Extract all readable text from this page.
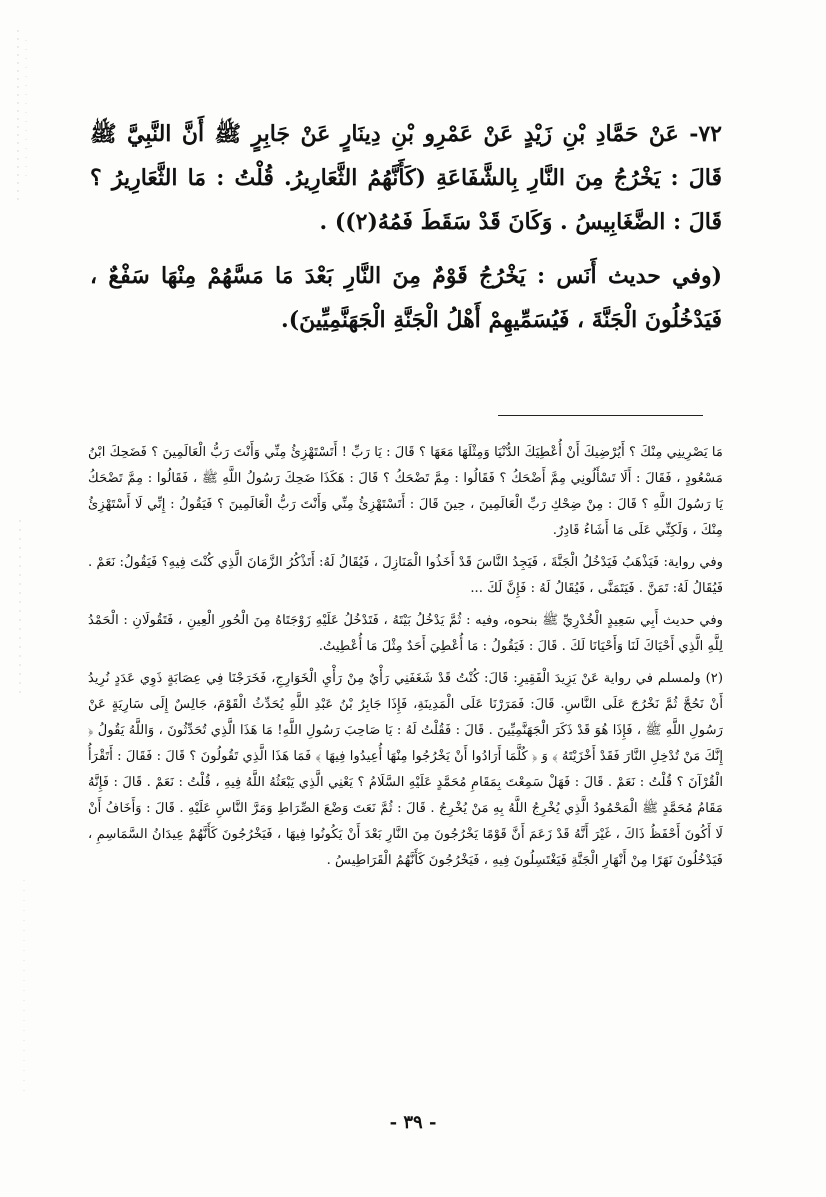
٧٢- عَنْ حَمَّادِ بْنِ زَيْدٍ عَنْ عَمْرِو بْنِ دِينَارٍ عَنْ جَابِرٍ ﷺ أَنَّ النَّبِيَّ ﷺ قَالَ : يَخْرُجُ مِنَ النَّارِ بِالشَّفَاعَةِ (كَأَنَّهُمُ الثَّعَارِيرُ. قُلْتُ : مَا الثَّعَارِيرُ ؟ قَالَ : الضَّغَابِيسُ . وَكَانَ قَدْ سَقَطَ فَمُهُ(٢)) .

(وفي حديث أَنَس : يَخْرُجُ قَوْمٌ مِنَ النَّارِ بَعْدَ مَا مَسَّهُمْ مِنْهَا سَفْعٌ ، فَيَدْخُلُونَ الْجَنَّةَ ، فَيُسَمِّيهِمْ أَهْلُ الْجَنَّةِ الْجَهَنَّمِيِّينَ).

مَا يَصْرِينِي مِنْكَ ؟ أَيُرْضِيكَ أَنْ أُعْطِيَكَ الدُّنْيَا وَمِثْلَهَا مَعَهَا ؟ قَالَ : يَا رَبِّ ! أَتَسْتَهْزِئُ مِنِّي وَأَنْتَ رَبُّ الْعَالَمِينَ ؟ فَضَحِكَ ابْنُ مَسْعُودٍ ، فَقَالَ : أَلَا تَسْأَلُونِي مِمَّ أَضْحَكُ ؟ فَقَالُوا : مِمَّ تَضْحَكُ ؟ قَالَ : هَكَذَا ضَحِكَ رَسُولُ اللَّهِ ﷺ ، فَقَالُوا : مِمَّ تَضْحَكُ يَا رَسُولَ اللَّهِ ؟ قَالَ : مِنْ ضِحْكِ رَبِّ الْعَالَمِينَ ، حِينَ قَالَ : أَتَسْتَهْزِئُ مِنِّي وَأَنْتَ رَبُّ الْعَالَمِينَ ؟ فَيَقُولُ : إِنِّي لَا أَسْتَهْزِئُ مِنْكَ ، وَلَكِنِّي عَلَى مَا أَشَاءُ قَادِرٌ.

وفي رواية: فَيَذْهَبُ فَيَدْخُلُ الْجَنَّةَ ، فَيَجِدُ النَّاسَ قَدْ أَخَذُوا الْمَنَازِلَ ، فَيُقَالُ لَهُ: أَتَذْكُرُ الزَّمَانَ الَّذِي كُنْتَ فِيهِ؟ فَيَقُولُ: نَعَمْ . فَيُقَالُ لَهُ: تَمَنَّ . فَيَتَمَنَّى ، فَيُقَالُ لَهُ : فَإِنَّ لَكَ ...

وفي حديث أَبِي سَعِيدٍ الْخُدْرِيِّ ﷺ بنحوه، وفيه : ثُمَّ يَدْخُلُ بَيْتَهُ ، فَتَدْخُلُ عَلَيْهِ زَوْجَتَاهُ مِنَ الْحُورِ الْعِينِ ، فَتَقُولَانِ : الْحَمْدُ لِلَّهِ الَّذِي أَحْيَاكَ لَنَا وَأَحْيَانَا لَكَ . قَالَ : فَيَقُولُ : مَا أُعْطِيَ أَحَدٌ مِثْلَ مَا أُعْطِيتُ.

(٢) ولمسلم في رواية عَنْ يَزِيدَ الْفَقِيرِ: قَالَ: كُنْتُ قَدْ شَغَفَنِي رَأْيٌ مِنْ رَأْيِ الْخَوَارِجِ، فَخَرَجْنَا فِي عِصَابَةٍ ذَوِي عَدَدٍ نُرِيدُ أَنْ نَحُجَّ ثُمَّ نَخْرُجَ عَلَى النَّاسِ. قَالَ: فَمَرَرْنَا عَلَى الْمَدِينَةِ، فَإِذَا جَابِرُ بْنُ عَبْدِ اللَّهِ يُحَدِّثُ الْقَوْمَ، جَالِسٌ إِلَى سَارِيَةٍ عَنْ رَسُولِ اللَّهِ ﷺ ، فَإِذَا هُوَ قَدْ ذَكَرَ الْجَهَنَّمِيِّينَ . قَالَ : فَقُلْتُ لَهُ : يَا صَاحِبَ رَسُولِ اللَّهِ! مَا هَذَا الَّذِي تُحَدِّثُونَ ، وَاللَّهُ يَقُولُ ﴿ إِنَّكَ مَنْ تُدْخِلِ النَّارَ فَقَدْ أَخْزَيْتَهُ ﴾ وَ ﴿ كُلَّمَا أَرَادُوا أَنْ يَخْرُجُوا مِنْهَا أُعِيدُوا فِيهَا ﴾ فَمَا هَذَا الَّذِي تَقُولُونَ ؟ قَالَ : فَقَالَ : أَتَقْرَأُ الْقُرْآنَ ؟ قُلْتُ : نَعَمْ . قَالَ : فَهَلْ سَمِعْتَ بِمَقَامِ مُحَمَّدٍ عَلَيْهِ السَّلَامُ ؟ يَعْنِي الَّذِي يَبْعَثُهُ اللَّهُ فِيهِ ، قُلْتُ : نَعَمْ . قَالَ : فَإِنَّهُ مَقَامُ مُحَمَّدٍ ﷺ الْمَحْمُودُ الَّذِي يُخْرِجُ اللَّهُ بِهِ مَنْ يُخْرِجُ . قَالَ : ثُمَّ نَعَتَ وَضْعَ الصِّرَاطِ وَمَرَّ النَّاسِ عَلَيْهِ . قَالَ : وَأَخَافُ أَنْ لَا أَكُونَ أَحْفَظُ ذَاكَ ، غَيْرَ أَنَّهُ قَدْ زَعَمَ أَنَّ قَوْمًا يَخْرُجُونَ مِنَ النَّارِ بَعْدَ أَنْ يَكُونُوا فِيهَا ، فَيَخْرُجُونَ كَأَنَّهُمْ عِيدَانُ السَّمَاسِمِ ، فَيَدْخُلُونَ نَهَرًا مِنْ أَنْهَارِ الْجَنَّةِ فَيَغْتَسِلُونَ فِيهِ ، فَيَخْرُجُونَ كَأَنَّهُمُ الْقَرَاطِيسُ .

- ٣٩ -
